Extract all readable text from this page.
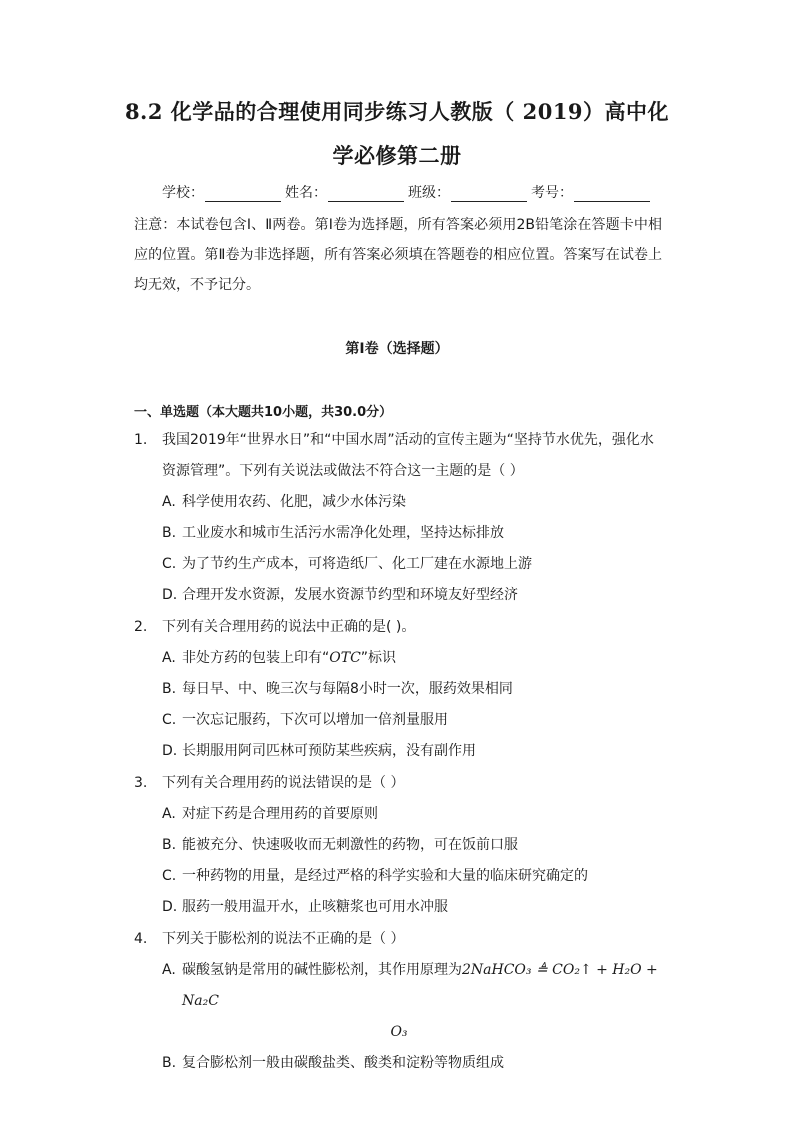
8.2 化学品的合理使用同步练习人教版（ 2019）高中化
学必修第二册
学校：	姓名：	班级：	考号：
注意：本试卷包含Ⅰ、Ⅱ两卷。第Ⅰ卷为选择题，所有答案必须用2B铅笔涂在答题卡中相应的位置。第Ⅱ卷为非选择题，所有答案必须填在答题卷的相应位置。答案写在试卷上均无效，不予记分。
第Ⅰ卷（选择题）
一、单选题（本大题共10小题，共30.0分）
1. 我国2019年“世界水日”和“中国水周”活动的宣传主题为“坚持节水优先，强化水资源管理”。下列有关说法或做法不符合这一主题的是（ ）
A. 科学使用农药、化肥，减少水体污染
B. 工业废水和城市生活污水需净化处理，坚持达标排放
C. 为了节约生产成本，可将造纸厂、化工厂建在水源地上游
D. 合理开发水资源，发展水资源节约型和环境友好型经济
2. 下列有关合理用药的说法中正确的是( )。
A. 非处方药的包装上印有“OTC”标识
B. 每日早、中、晚三次与每隔8小时一次，服药效果相同
C. 一次忘记服药，下次可以增加一倍剂量服用
D. 长期服用阿司匹林可预防某些疾病，没有副作用
3. 下列有关合理用药的说法错误的是（ ）
A. 对症下药是合理用药的首要原则
B. 能被充分、快速吸收而无刺激性的药物，可在饭前口服
C. 一种药物的用量，是经过严格的科学实验和大量的临床研究确定的
D. 服药一般用温开水，止咳糖浆也可用水冲服
4. 下列关于膨松剂的说法不正确的是（ ）
A. 碳酸氢钠是常用的碱性膨松剂，其作用原理为2NaHCO₃ ≜ CO₂↑ + H₂O + Na₂C
O₃
B. 复合膨松剂一般由碳酸盐类、酸类和淀粉等物质组成
